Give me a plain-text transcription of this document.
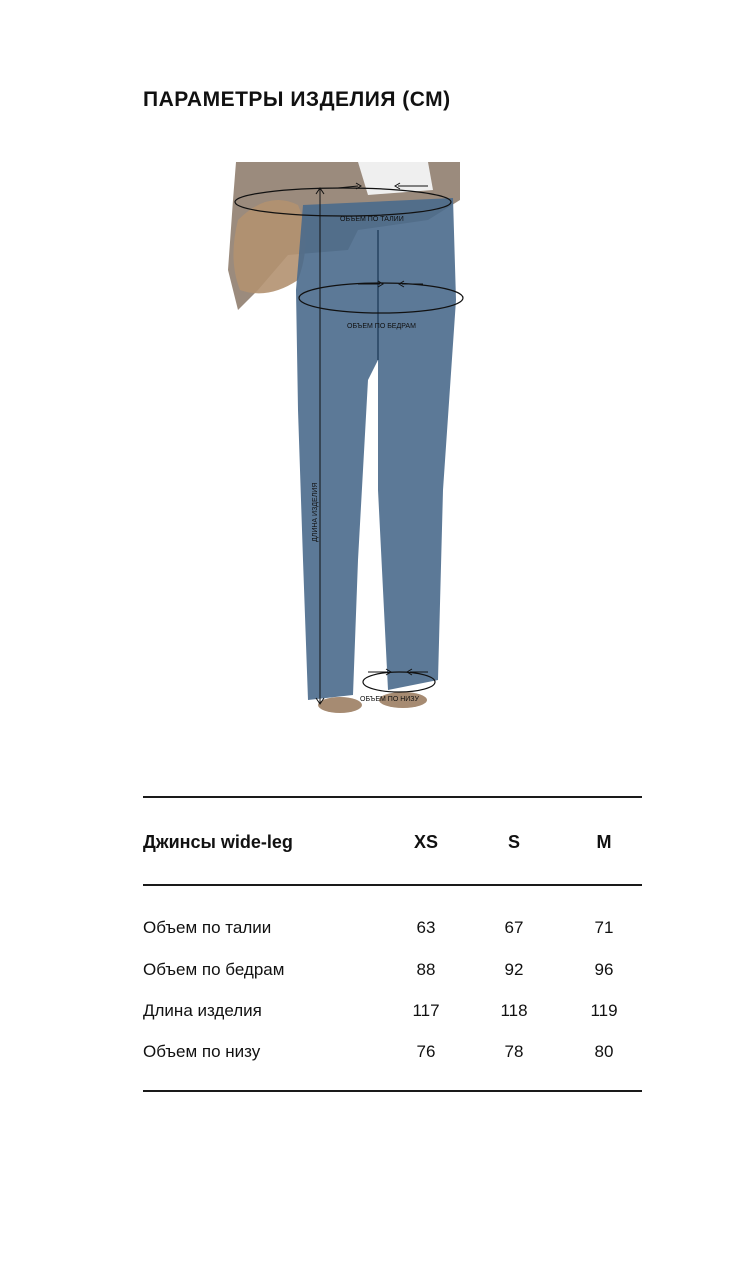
ПАРАМЕТРЫ ИЗДЕЛИЯ (СМ)
ОБЪЕМ ПО ТАЛИИ
ОБЪЕМ ПО БЕДРАМ
ДЛИНА ИЗДЕЛИЯ
ОБЪЕМ ПО НИЗУ
Джинсы wide-leg	XS	S	M
Объем по талии	63	67	71
Объем по бедрам	88	92	96
Длина изделия	117	118	119
Объем по низу	76	78	80
